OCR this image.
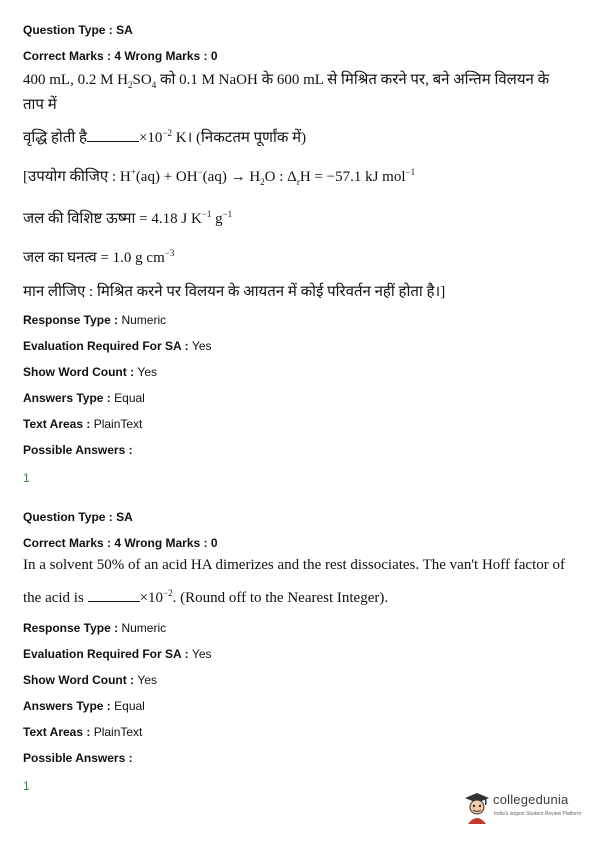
Question Type : SA

Correct Marks : 4 Wrong Marks : 0

400 mL, 0.2 M $H_2SO_4$ को 0.1 M NaOH के 600 mL से मिश्रित करने पर, बने अन्तिम विलयन के ताप में

वृद्धि होती है	$\times 10^{-2}$ K। (निकटतम पूर्णांक में)

[उपयोग कीजिए : $H^+(aq) + OH^-(aq) \to H_2O$ : $\Delta_rH = -57.1$ kJ mol$^{-1}$

जल की विशिष्ट ऊष्मा = 4.18 J $K^{-1}$ $g^{-1}$

जल का घनत्व = 1.0 g $cm^{-3}$

मान लीजिए : मिश्रित करने पर विलयन के आयतन में कोई परिवर्तन नहीं होता है।]

Response Type : Numeric

Evaluation Required For SA : Yes

Show Word Count : Yes

Answers Type : Equal

Text Areas : PlainText

Possible Answers :

1

Question Type : SA

Correct Marks : 4 Wrong Marks : 0

In a solvent 50% of an acid HA dimerizes and the rest dissociates. The van't Hoff factor of

the acid is	$\times 10^{-2}$. (Round off to the Nearest Integer).

Response Type : Numeric

Evaluation Required For SA : Yes

Show Word Count : Yes

Answers Type : Equal

Text Areas : PlainText

Possible Answers :

1

collegedunia
India's largest Student Review Platform
